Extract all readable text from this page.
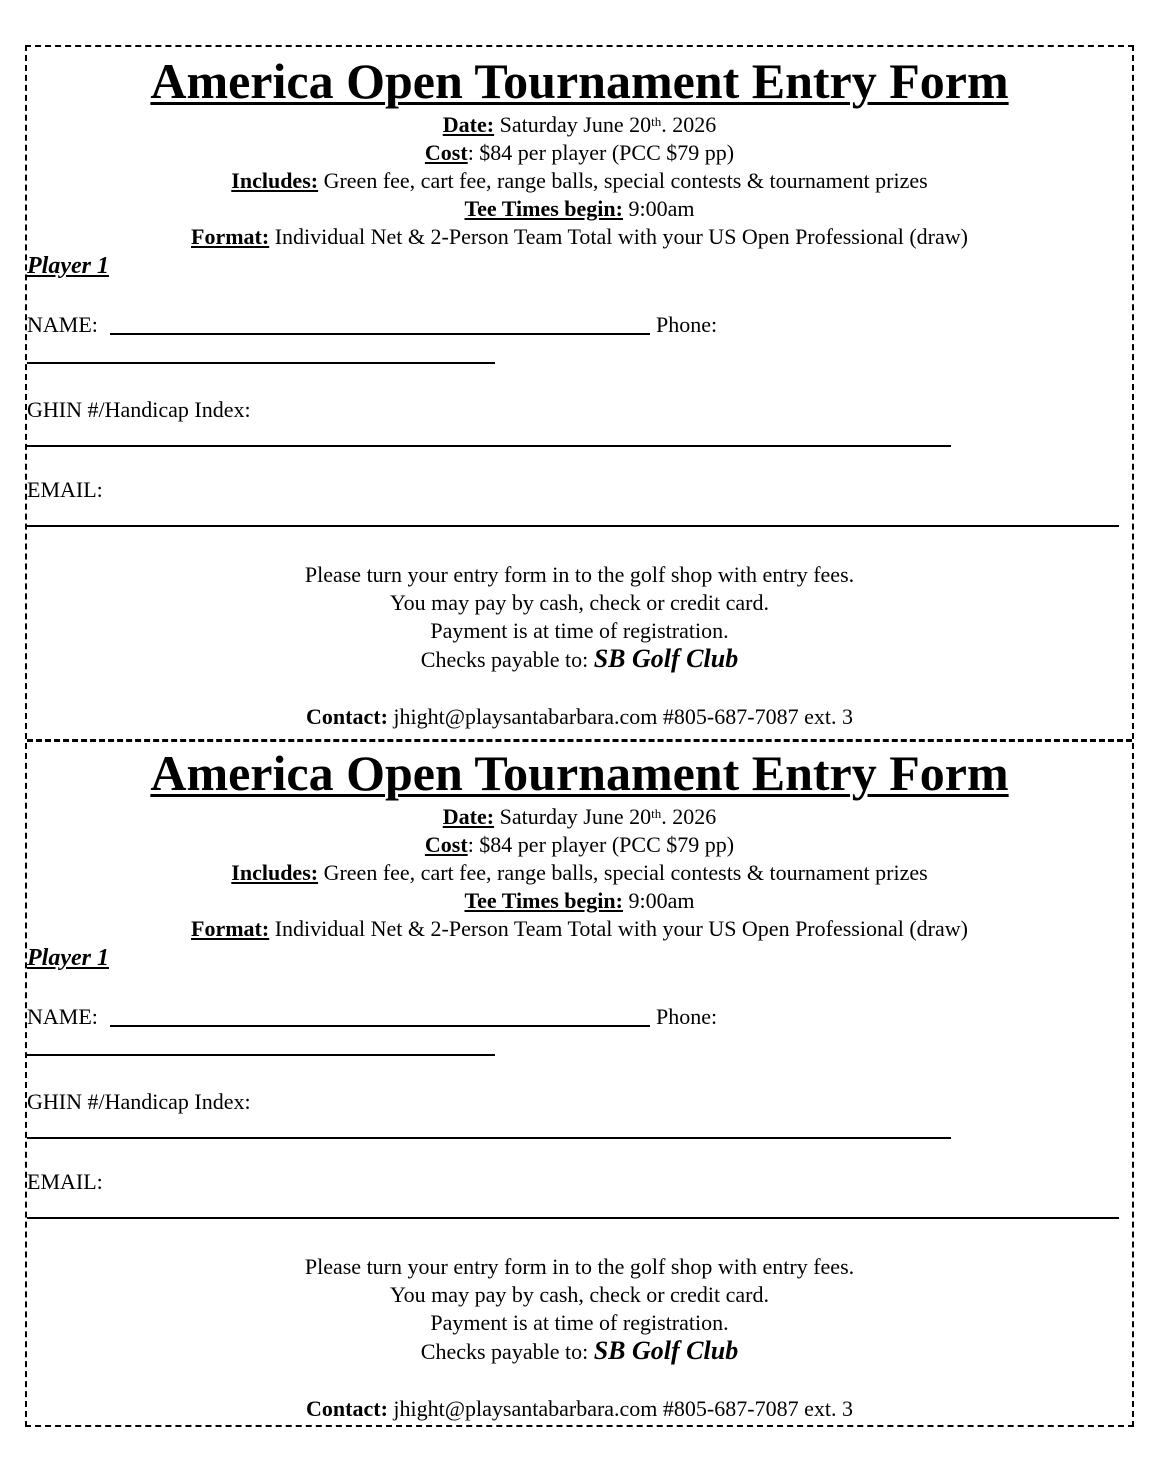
America Open Tournament Entry Form
Date: Saturday June 20th. 2026
Cost: $84 per player (PCC $79 pp)
Includes: Green fee, cart fee, range balls, special contests & tournament prizes
Tee Times begin: 9:00am
Format: Individual Net & 2-Person Team Total with your US Open Professional (draw)
Player 1
NAME:	Phone:
GHIN #/Handicap Index:
EMAIL:
Please turn your entry form in to the golf shop with entry fees.
You may pay by cash, check or credit card.
Payment is at time of registration.
Checks payable to: SB Golf Club
Contact: jhight@playsantabarbara.com #805-687-7087 ext. 3
America Open Tournament Entry Form
Date: Saturday June 20th. 2026
Cost: $84 per player (PCC $79 pp)
Includes: Green fee, cart fee, range balls, special contests & tournament prizes
Tee Times begin: 9:00am
Format: Individual Net & 2-Person Team Total with your US Open Professional (draw)
Player 1
NAME:	Phone:
GHIN #/Handicap Index:
EMAIL:
Please turn your entry form in to the golf shop with entry fees.
You may pay by cash, check or credit card.
Payment is at time of registration.
Checks payable to: SB Golf Club
Contact: jhight@playsantabarbara.com #805-687-7087 ext. 3
